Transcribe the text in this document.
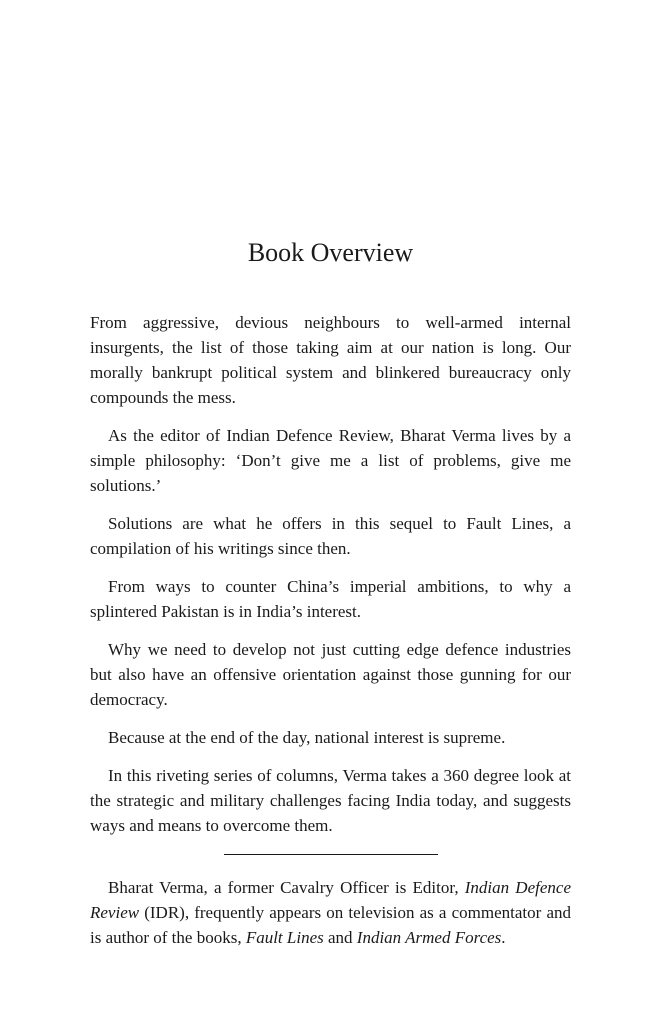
Book Overview

From aggressive, devious neighbours to well-armed internal insurgents, the list of those taking aim at our nation is long. Our morally bankrupt political system and blinkered bureaucracy only compounds the mess.

As the editor of Indian Defence Review, Bharat Verma lives by a simple philosophy: ‘Don’t give me a list of problems, give me solutions.’

Solutions are what he offers in this sequel to Fault Lines, a compilation of his writings since then.

From ways to counter China’s imperial ambitions, to why a splintered Pakistan is in India’s interest.

Why we need to develop not just cutting edge defence industries but also have an offensive orientation against those gunning for our democracy.

Because at the end of the day, national interest is supreme.

In this riveting series of columns, Verma takes a 360 degree look at the strategic and military challenges facing India today, and suggests ways and means to overcome them.

Bharat Verma, a former Cavalry Officer is Editor, Indian Defence Review (IDR), frequently appears on television as a commentator and is author of the books, Fault Lines and Indian Armed Forces.
